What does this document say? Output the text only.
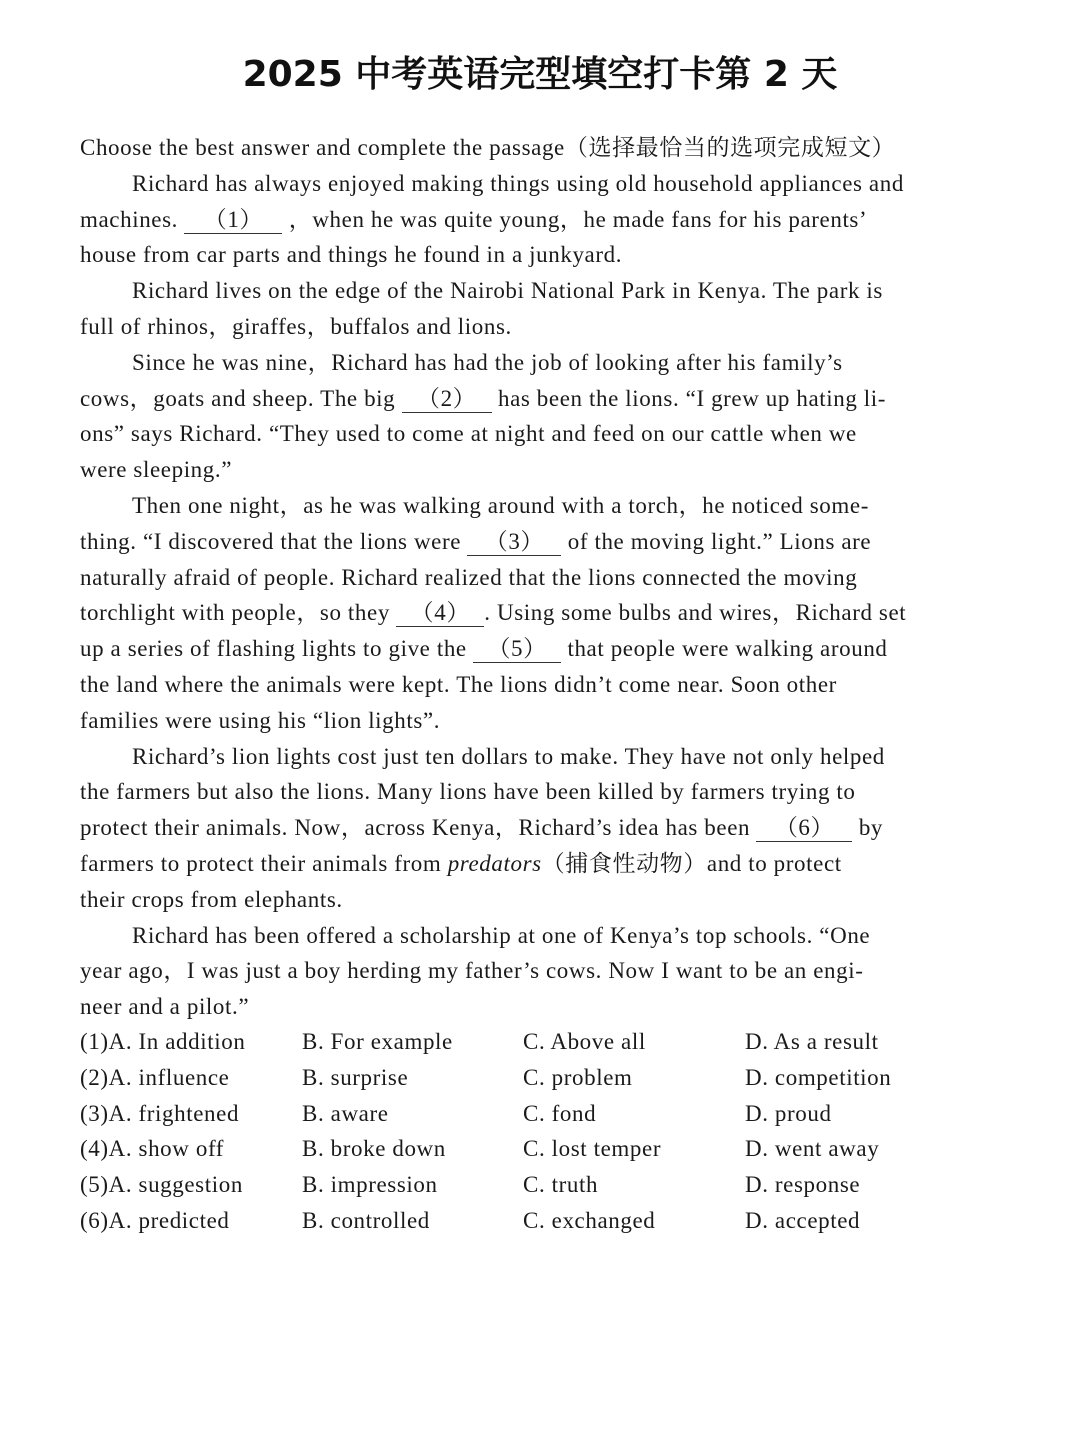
2025 中考英语完型填空打卡第 2 天
Choose the best answer and complete the passage（选择最恰当的选项完成短文）
Richard has always enjoyed making things using old household appliances and
machines. （1） ，when he was quite young，he made fans for his parents’
house from car parts and things he found in a junkyard.
Richard lives on the edge of the Nairobi National Park in Kenya. The park is
full of rhinos，giraffes，buffalos and lions.
Since he was nine，Richard has had the job of looking after his family’s
cows，goats and sheep. The big （2） has been the lions. “I grew up hating li-
ons” says Richard. “They used to come at night and feed on our cattle when we
were sleeping.”
Then one night，as he was walking around with a torch，he noticed some-
thing. “I discovered that the lions were （3） of the moving light.” Lions are
naturally afraid of people. Richard realized that the lions connected the moving
torchlight with people，so they （4） . Using some bulbs and wires，Richard set
up a series of flashing lights to give the （5） that people were walking around
the land where the animals were kept. The lions didn’t come near. Soon other
families were using his “lion lights”.
Richard’s lion lights cost just ten dollars to make. They have not only helped
the farmers but also the lions. Many lions have been killed by farmers trying to
protect their animals. Now，across Kenya，Richard’s idea has been （6） by
farmers to protect their animals from predators（捕食性动物）and to protect
their crops from elephants.
Richard has been offered a scholarship at one of Kenya’s top schools. “One
year ago，I was just a boy herding my father’s cows. Now I want to be an engi-
neer and a pilot.”
(1)A. In addition B. For example	C. Above all	D. As a result
(2)A. influence	B. surprise	C. problem	D. competition
(3)A. frightened	B. aware	C. fond	D. proud
(4)A. show off	B. broke down	C. lost temper	D. went away
(5)A. suggestion	B. impression	C. truth	D. response
(6)A. predicted	B. controlled	C. exchanged	D. accepted
